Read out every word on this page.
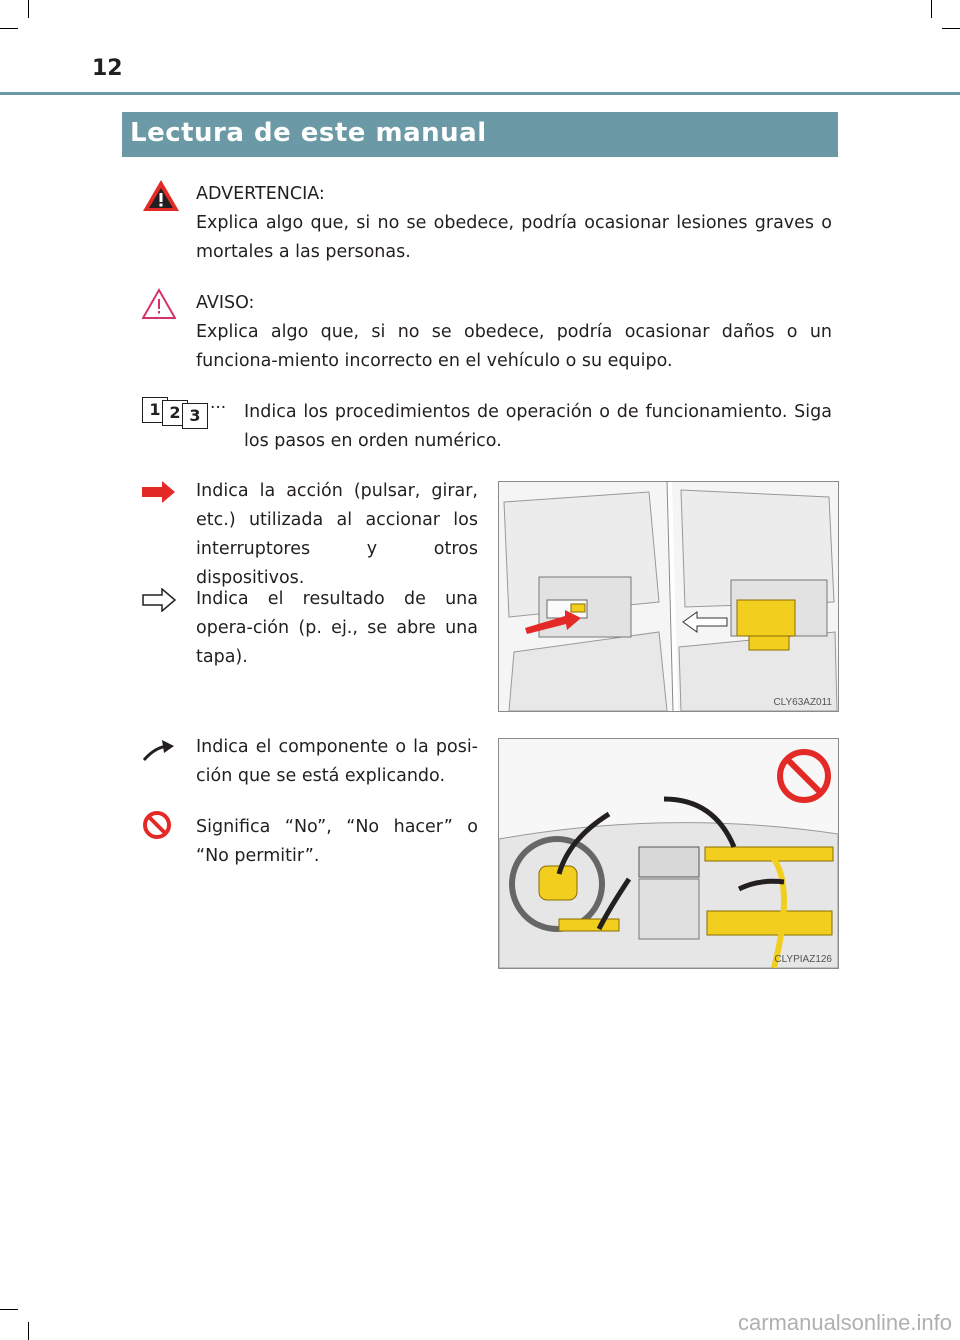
12
Lectura de este manual
ADVERTENCIA:
Explica algo que, si no se obedece, podría ocasionar lesiones graves o mortales a las personas.
AVISO:
Explica algo que, si no se obedece, podría ocasionar daños o un funciona-miento incorrecto en el vehículo o su equipo.
1 2 3 ··· Indica los procedimientos de operación o de funcionamiento. Siga los pasos en orden numérico.
Indica la acción (pulsar, girar, etc.) utilizada al accionar los interruptores y otros dispositivos.
Indica el resultado de una opera-ción (p. ej., se abre una tapa).
CLY63AZ011
Indica el componente o la posi-ción que se está explicando.
Significa “No”, “No hacer” o “No permitir”.
CLYPIAZ126
carmanualsonline.info
